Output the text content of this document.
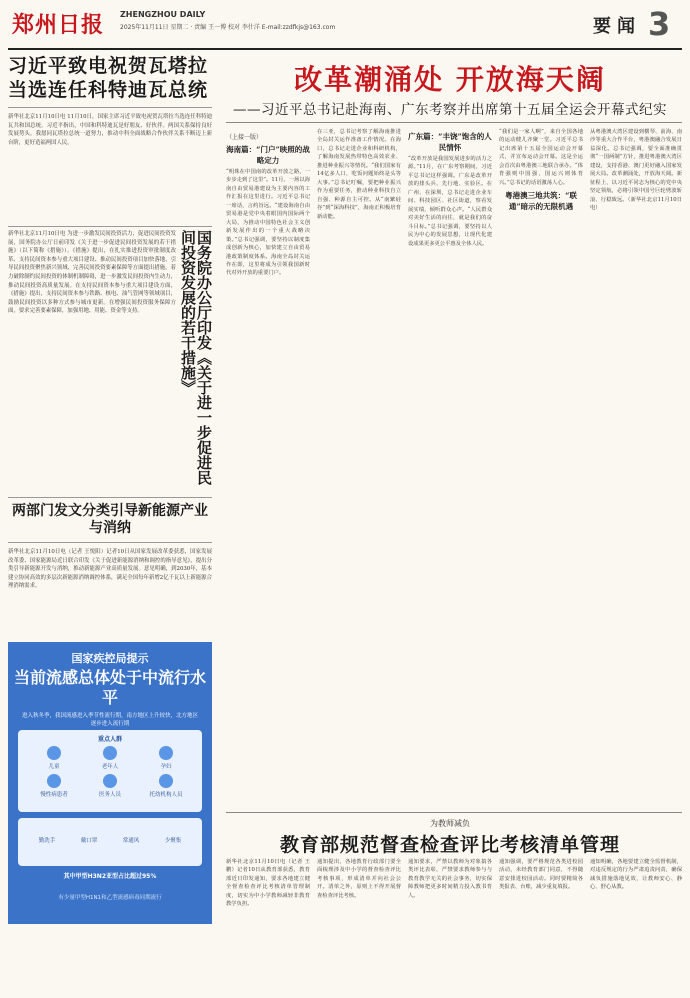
郑州日报 ZHENGZHOU DAILY
2025年11月11日 星期二 · 责编 王一博 校对 李什洋 E-mail:zzdfkjs@163.com	要闻 3
习近平致电祝贺瓦塔拉当选连任科特迪瓦总统
新华社北京11月10日电 11月10日，国家主席习近平致电祝贺瓦塔拉当选连任科特迪瓦共和国总统。习近平指出，中国和科特迪瓦是好朋友、好伙伴。两国关系保持良好发展势头。我愿同瓦塔拉总统一道努力，推动中科全面战略合作伙伴关系不断迈上新台阶，更好造福两国人民。
新华社北京11月10日电 为进一步激发民间投资活力，促进民间投资发展，国务院办公厅日前印发《关于进一步促进民间投资发展的若干措施》（以下简称《措施》）。《措施》提出，在扎实推进投资审批制度改革、支持民间资本参与重大项目建设、推动民间投资项目加快落地、引导民间投资聚焦新兴领域、完善民间投资要素保障等方面提出措施，着力破除制约民间投资的体制机制障碍，进一步激发民间投资内生动力，推动民间投资高质量发展。在支持民间资本参与重大项目建设方面，《措施》提出，支持民间资本参与铁路、核电、油气管网等领域项目，鼓励民间投资以多种方式参与城市更新。在增强民间投资服务保障方面，要求完善要素保障，加强用地、用能、资金等支持。	国务院办公厅印发《关于进一步促进民间投资发展的若干措施》
两部门发文分类引导新能源产业与消纳
新华社北京11月10日电（记者 王悦阳）记者10日从国家发展改革委获悉，国家发展改革委、国家能源局近日联合印发《关于促进新能源消纳和调控的指导意见》，提出分类引导新能源开发与消纳，推动新能源产业高质量发展。意见明确，到2030年，基本建立协同高效的多层次新能源消纳调控体系，满足全国每年新增2亿千瓦以上新能源合理消纳需求。
国家疾控局提示
当前流感总体处于中流行水平
进入秋冬季，我国流感进入季节性流行期，南方地区上升较快，北方地区逐步进入流行期
重点人群
儿童	老年人	孕妇
慢性病患者	医务人员	托幼机构人员
勤洗手	戴口罩	常通风	少聚集
其中甲型H3N2亚型占比超过95%
有少量甲型H1N1和乙型流感病毒同期流行
改革潮涌处 开放海天阔
——习近平总书记赴海南、广东考察并出席第十五届全运会开幕式纪实
（上接一版）
海南篇：“门户”映照的战略定力
“明珠在中国南的改革开放之路，一步步走到了这里”。11月，一场以海南自由贸易港建设为主要内容的工作汇报在这里进行。习近平总书记一席话，言约旨远。“建设海南自由贸易港是党中央着眼国内国际两个大局，为推动中国特色社会主义创新发展作出的一个重大战略决策。”总书记强调，要坚持以制度集成创新为核心，加快建立自由贸易港政策制度体系。海南全岛封关运作在即，这里将成为引领我国新时代对外开放的重要门户。
在三亚，总书记考察了解海南推进全岛封关运作准备工作情况。在海口，总书记走进企业和科研机构，了解海南发展热带特色高效农业、推进种业振兴等情况。“我们国家有14亿多人口，吃饭问题始终是头等大事。”总书记叮嘱，要把种业振兴作为重要任务，推动种业科技自立自强、种源自主可控。从“南繁硅谷”到“深海科技”，海南正积极培育新动能。
广东篇：“丰饶”饱含的人民情怀
“改革开放是我国发展进步的活力之源。”11月，在广东考察期间，习近平总书记这样强调。广东是改革开放的排头兵、先行地、实验区。在广州、在深圳，总书记走进企业车间、科技园区、社区街道，察看发展实绩，倾听群众心声。“人民群众对美好生活的向往，就是我们的奋斗目标。”总书记强调，要坚持以人民为中心的发展思想，让现代化建设成果更多更公平惠及全体人民。
“我们是一家人啊”，来自全国各地的运动健儿齐聚一堂。习近平总书记出席第十五届全国运动会开幕式，并宣布运动会开幕。这是全运会首次由粤港澳三地联合承办。“体育强则中国强，国运兴则体育兴。”总书记的话语激荡人心。
粤港澳三地共筑：“联通”暗示的无限机遇
从粤港澳大湾区建设到横琴、前海、南沙等重大合作平台，粤港澳融合发展日益深化。总书记强调，要全面准确贯彻“一国两制”方针，推进粤港澳大湾区建设，支持香港、澳门更好融入国家发展大局。改革潮涌处，开放海天阔。新征程上，以习近平同志为核心的党中央坚定领航，必将引领中国号巨轮劈波斩浪、行稳致远。（新华社北京11月10日电）
为教师减负
教育部规范督查检查评比考核清单管理
新华社北京11月10日电（记者 王鹏）记者10日从教育部获悉，教育部近日印发通知，要求各地建立健全督查检查评比考核清单管理制度，切实为中小学教师减轻非教育教学负担。
通知提出，各地教育行政部门要全面梳理涉及中小学的督查检查评比考核事项，形成清单并向社会公开。清单之外，原则上不得开展督查检查评比考核。
通知要求，严禁以教师为对象搞各类评比表彰，严禁要求教师参与与教育教学无关的社会事务，切实保障教师把更多时间精力投入教书育人。
通知强调，要严格规范各类进校园活动，未经教育部门同意，不得随意安排进校园活动。同时要精简各类报表、台账，减少重复填报。
通知明确，各地要建立健全监督机制，对违反规定的行为严肃追责问责，确保减负措施落地见效，让教师安心、静心、舒心从教。
